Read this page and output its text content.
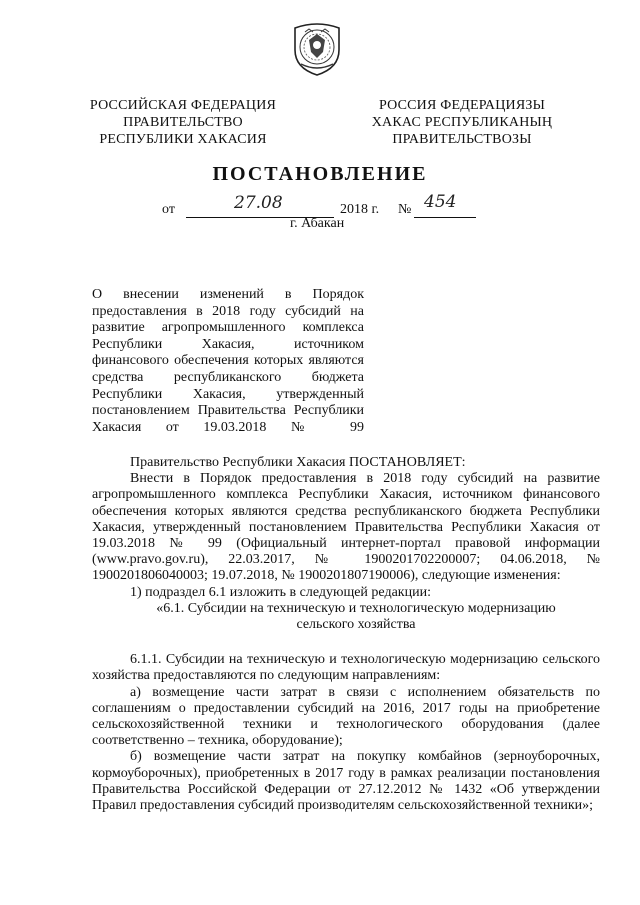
РОССИЙСКАЯ ФЕДЕРАЦИЯ
ПРАВИТЕЛЬСТВО
РЕСПУБЛИКИ ХАКАСИЯ
РОССИЯ ФЕДЕРАЦИЯЗЫ
ХАКАС РЕСПУБЛИКАНЫҢ
ПРАВИТЕЛЬСТВОЗЫ
ПОСТАНОВЛЕНИЕ
от	27.08	2018 г. № 454
г. Абакан
О внесении изменений в Порядок предоставления в 2018 году субсидий на развитие агропромышленного комплекса Республики Хакасия, источником финансового обеспечения которых являются средства республиканского бюджета Республики Хакасия, утвержденный постановлением Правительства Республики Хакасия от 19.03.2018 № 99

Правительство Республики Хакасия ПОСТАНОВЛЯЕТ:

Внести в Порядок предоставления в 2018 году субсидий на развитие агропромышленного комплекса Республики Хакасия, источником финансового обеспечения которых являются средства республиканского бюджета Республики Хакасия, утвержденный постановлением Правительства Республики Хакасия от 19.03.2018 № 99 (Официальный интернет-портал правовой информации (www.pravo.gov.ru), 22.03.2017, № 1900201702200007; 04.06.2018, № 1900201806040003; 19.07.2018, № 1900201807190006), следующие изменения:

1) подраздел 6.1 изложить в следующей редакции:

«6.1. Субсидии на техническую и технологическую модернизацию сельского хозяйства

6.1.1. Субсидии на техническую и технологическую модернизацию сельского хозяйства предоставляются по следующим направлениям:

а) возмещение части затрат в связи с исполнением обязательств по соглашениям о предоставлении субсидий на 2016, 2017 годы на приобретение сельскохозяйственной техники и технологического оборудования (далее соответственно – техника, оборудование);

б) возмещение части затрат на покупку комбайнов (зерноуборочных, кормоуборочных), приобретенных в 2017 году в рамках реализации постановления Правительства Российской Федерации от 27.12.2012 № 1432 «Об утверждении Правил предоставления субсидий производителям сельскохозяйственной техники»;
